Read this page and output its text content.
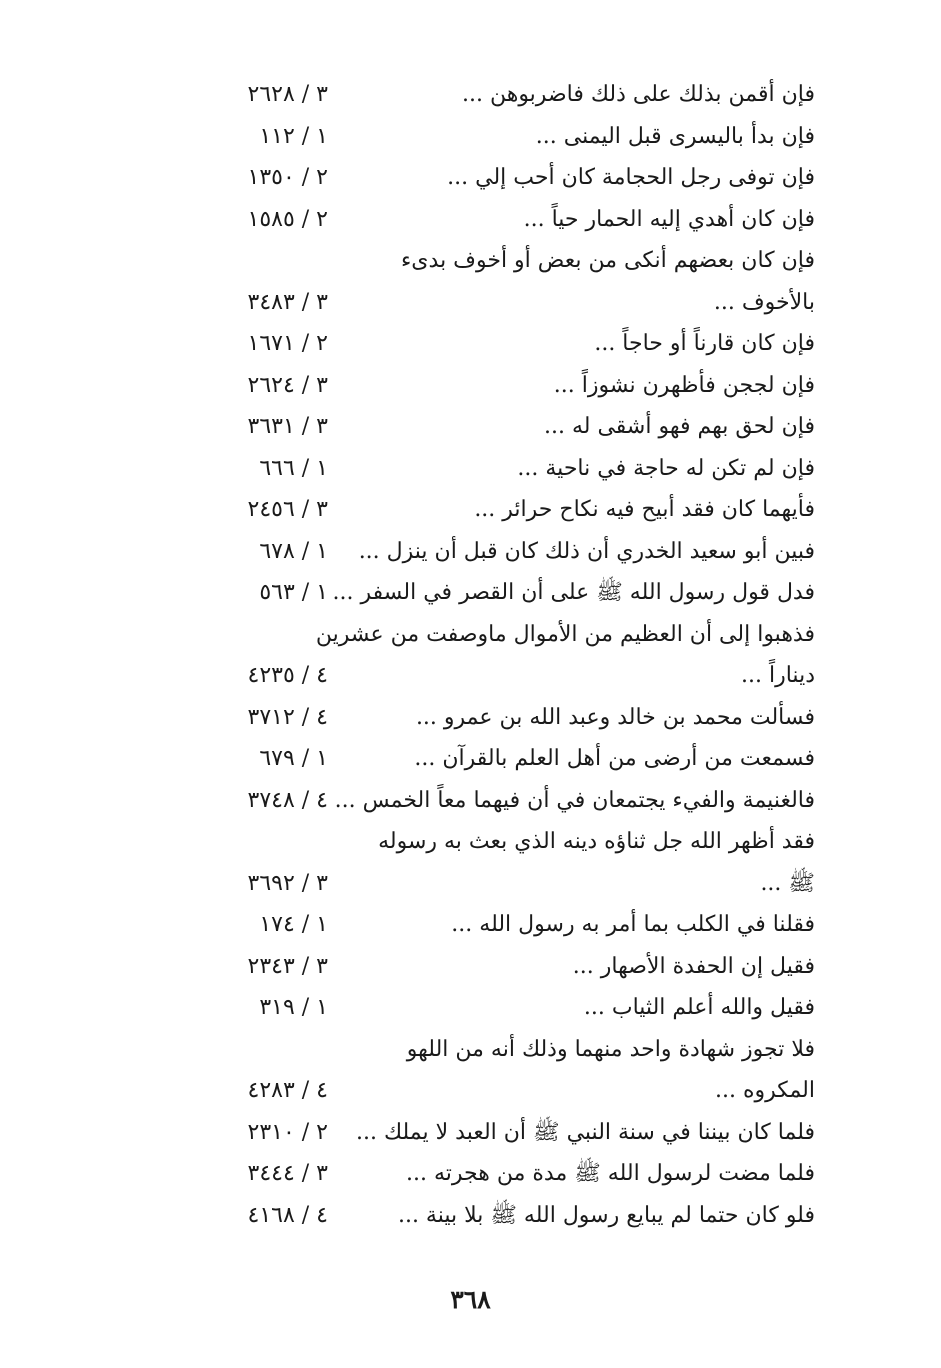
فإن أقمن بذلك على ذلك فاضربوهن ...
٣ / ٢٦٢٨
فإن بدأ باليسرى قبل اليمنى ...
١ / ١١٢
فإن توفى رجل الحجامة كان أحب إلي ...
٢ / ١٣٥٠
فإن كان أهدي إليه الحمار حياً ...
٢ / ١٥٨٥
فإن كان بعضهم أنكى من بعض أو أخوف بدىء
بالأخوف ...
٣ / ٣٤٨٣
فإن كان قارناً أو حاجاً ...
٢ / ١٦٧١
فإن لججن فأظهرن نشوزاً ...
٣ / ٢٦٢٤
فإن لحق بهم فهو أشقى له ...
٣ / ٣٦٣١
فإن لم تكن له حاجة في ناحية ...
١ / ٦٦٦
فأيهما كان فقد أبيح فيه نكاح حرائر ...
٣ / ٢٤٥٦
فبين أبو سعيد الخدري أن ذلك كان قبل أن ينزل ...
١ / ٦٧٨
فدل قول رسول الله ﷺ على أن القصر في السفر ...
١ / ٥٦٣
فذهبوا إلى أن العظيم من الأموال ماوصفت من عشرين
ديناراً ...
٤ / ٤٢٣٥
فسألت محمد بن خالد وعبد الله بن عمرو ...
٤ / ٣٧١٢
فسمعت من أرضى من أهل العلم بالقرآن ...
١ / ٦٧٩
فالغنيمة والفيء يجتمعان في أن فيهما معاً الخمس ...
٤ / ٣٧٤٨
فقد أظهر الله جل ثناؤه دينه الذي بعث به رسوله
ﷺ ...
٣ / ٣٦٩٢
فقلنا في الكلب بما أمر به رسول الله ...
١ / ١٧٤
فقيل إن الحفدة الأصهار ...
٣ / ٢٣٤٣
فقيل والله أعلم الثياب ...
١ / ٣١٩
فلا تجوز شهادة واحد منهما وذلك أنه من اللهو
المكروه ...
٤ / ٤٢٨٣
فلما كان بيننا في سنة النبي ﷺ أن العبد لا يملك ...
٢ / ٢٣١٠
فلما مضت لرسول الله ﷺ مدة من هجرته ...
٣ / ٣٤٤٤
فلو كان حتما لم يبايع رسول الله ﷺ بلا بينة ...
٤ / ٤١٦٨
٣٦٨
